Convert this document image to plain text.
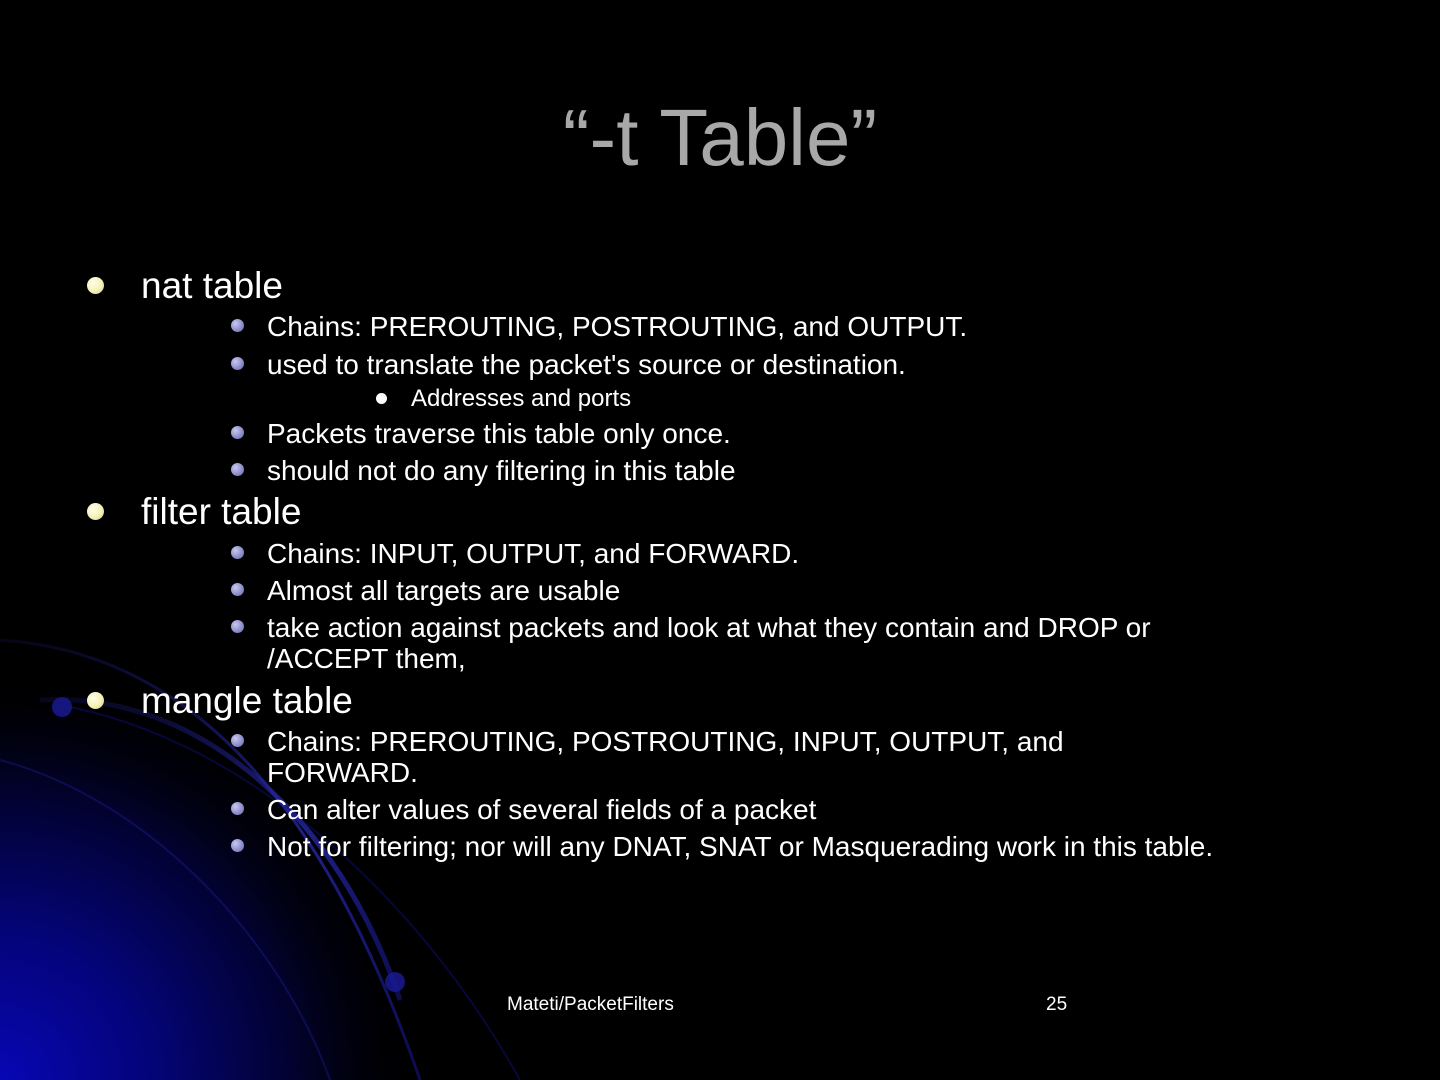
“-t Table”
nat table
Chains: PREROUTING, POSTROUTING, and OUTPUT.
used to translate the packet's source or destination.
Addresses and ports
Packets traverse this table only once.
should not do any filtering in this table
filter table
Chains: INPUT, OUTPUT, and FORWARD.
Almost all targets are usable
take action against packets and look at what they contain and DROP or
/ACCEPT them,
mangle table
Chains: PREROUTING, POSTROUTING, INPUT, OUTPUT, and
FORWARD.
Can alter values of several fields of a packet
Not for filtering; nor will any DNAT, SNAT or Masquerading work in this table.
Mateti/PacketFilters	25
